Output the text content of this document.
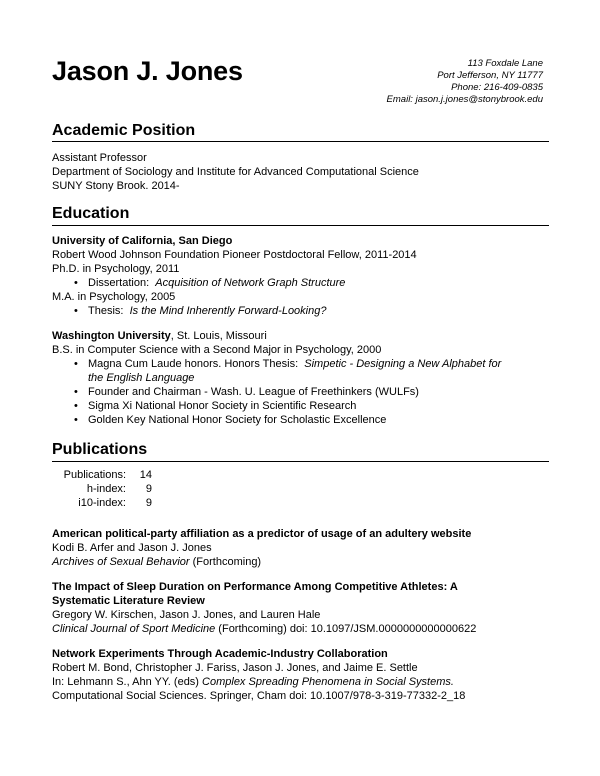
Jason J. Jones	113 Foxdale Lane
Port Jefferson, NY 11777
Phone: 216-409-0835
Email: jason.j.jones@stonybrook.edu
Academic Position
Assistant Professor
Department of Sociology and Institute for Advanced Computational Science
SUNY Stony Brook. 2014-
Education
University of California, San Diego
Robert Wood Johnson Foundation Pioneer Postdoctoral Fellow, 2011-2014
Ph.D. in Psychology, 2011
• Dissertation: Acquisition of Network Graph Structure
M.A. in Psychology, 2005
• Thesis: Is the Mind Inherently Forward-Looking?
Washington University, St. Louis, Missouri
B.S. in Computer Science with a Second Major in Psychology, 2000
• Magna Cum Laude honors. Honors Thesis: Simpetic - Designing a New Alphabet for
the English Language
• Founder and Chairman - Wash. U. League of Freethinkers (WULFs)
• Sigma Xi National Honor Society in Scientific Research
• Golden Key National Honor Society for Scholastic Excellence
Publications
Publications:	14
h-index:	9
i10-index:	9
American political-party affiliation as a predictor of usage of an adultery website
Kodi B. Arfer and Jason J. Jones
Archives of Sexual Behavior (Forthcoming)
The Impact of Sleep Duration on Performance Among Competitive Athletes: A
Systematic Literature Review
Gregory W. Kirschen, Jason J. Jones, and Lauren Hale
Clinical Journal of Sport Medicine (Forthcoming) doi: 10.1097/JSM.0000000000000622
Network Experiments Through Academic-Industry Collaboration
Robert M. Bond, Christopher J. Fariss, Jason J. Jones, and Jaime E. Settle
In: Lehmann S., Ahn YY. (eds) Complex Spreading Phenomena in Social Systems.
Computational Social Sciences. Springer, Cham doi: 10.1007/978-3-319-77332-2_18
